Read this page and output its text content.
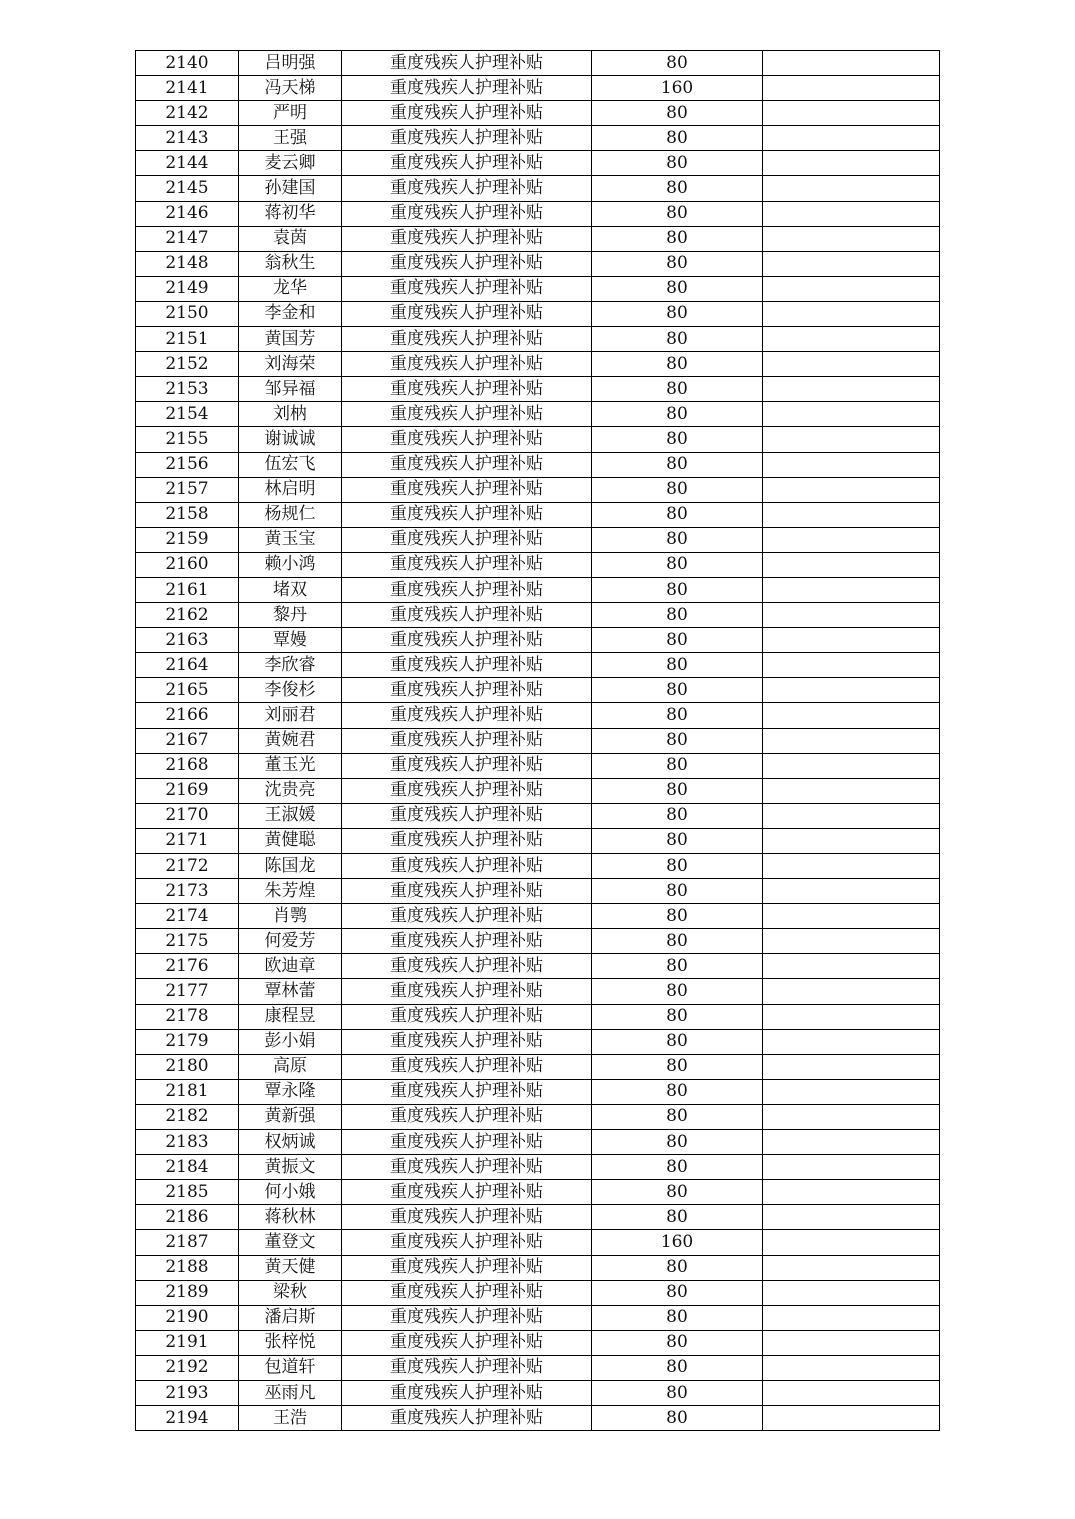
2140	吕明强	重度残疾人护理补贴	80	
2141	冯天梯	重度残疾人护理补贴	160	
2142	严明	重度残疾人护理补贴	80	
2143	王强	重度残疾人护理补贴	80	
2144	麦云卿	重度残疾人护理补贴	80	
2145	孙建国	重度残疾人护理补贴	80	
2146	蒋初华	重度残疾人护理补贴	80	
2147	袁茵	重度残疾人护理补贴	80	
2148	翁秋生	重度残疾人护理补贴	80	
2149	龙华	重度残疾人护理补贴	80	
2150	李金和	重度残疾人护理补贴	80	
2151	黄国芳	重度残疾人护理补贴	80	
2152	刘海荣	重度残疾人护理补贴	80	
2153	邹异福	重度残疾人护理补贴	80	
2154	刘枘	重度残疾人护理补贴	80	
2155	谢诚诚	重度残疾人护理补贴	80	
2156	伍宏飞	重度残疾人护理补贴	80	
2157	林启明	重度残疾人护理补贴	80	
2158	杨规仁	重度残疾人护理补贴	80	
2159	黄玉宝	重度残疾人护理补贴	80	
2160	赖小鸿	重度残疾人护理补贴	80	
2161	堵双	重度残疾人护理补贴	80	
2162	黎丹	重度残疾人护理补贴	80	
2163	覃嫚	重度残疾人护理补贴	80	
2164	李欣睿	重度残疾人护理补贴	80	
2165	李俊杉	重度残疾人护理补贴	80	
2166	刘丽君	重度残疾人护理补贴	80	
2167	黄婉君	重度残疾人护理补贴	80	
2168	董玉光	重度残疾人护理补贴	80	
2169	沈贵亮	重度残疾人护理补贴	80	
2170	王淑媛	重度残疾人护理补贴	80	
2171	黄健聪	重度残疾人护理补贴	80	
2172	陈国龙	重度残疾人护理补贴	80	
2173	朱芳煌	重度残疾人护理补贴	80	
2174	肖鹗	重度残疾人护理补贴	80	
2175	何爱芳	重度残疾人护理补贴	80	
2176	欧迪章	重度残疾人护理补贴	80	
2177	覃林蕾	重度残疾人护理补贴	80	
2178	康程昱	重度残疾人护理补贴	80	
2179	彭小娟	重度残疾人护理补贴	80	
2180	高原	重度残疾人护理补贴	80	
2181	覃永隆	重度残疾人护理补贴	80	
2182	黄新强	重度残疾人护理补贴	80	
2183	权炳诚	重度残疾人护理补贴	80	
2184	黄振文	重度残疾人护理补贴	80	
2185	何小娥	重度残疾人护理补贴	80	
2186	蒋秋林	重度残疾人护理补贴	80	
2187	董登文	重度残疾人护理补贴	160	
2188	黄天健	重度残疾人护理补贴	80	
2189	梁秋	重度残疾人护理补贴	80	
2190	潘启斯	重度残疾人护理补贴	80	
2191	张梓悦	重度残疾人护理补贴	80	
2192	包道轩	重度残疾人护理补贴	80	
2193	巫雨凡	重度残疾人护理补贴	80	
2194	王浩	重度残疾人护理补贴	80	
